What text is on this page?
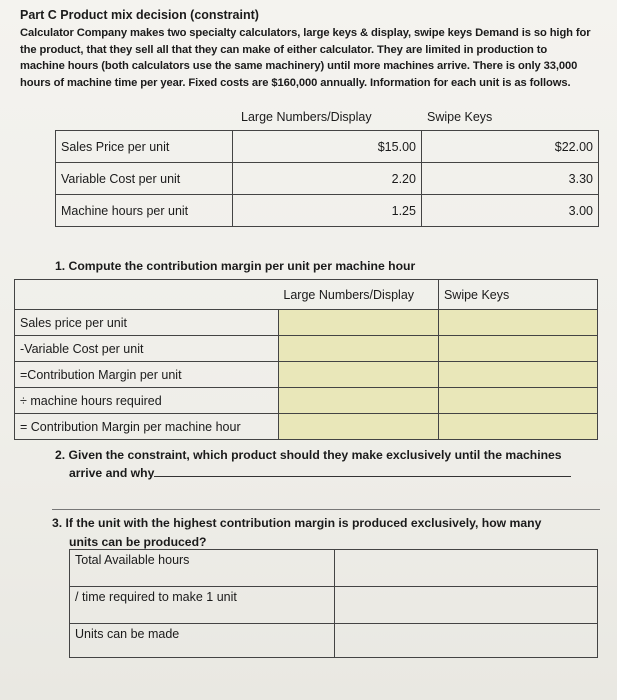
Part C Product mix decision (constraint)
Calculator Company makes two specialty calculators, large keys & display, swipe keys Demand is so high for
the product, that they sell all that they can make of either calculator. They are limited in production to
machine hours (both calculators use the same machinery) until more machines arrive. There is only 33,000
hours of machine time per year. Fixed costs are $160,000 annually. Information for each unit is as follows.
Large Numbers/Display	Swipe Keys
Sales Price per unit	$15.00	$22.00
Variable Cost per unit	2.20	3.30
Machine hours per unit	1.25	3.00
1. Compute the contribution margin per unit per machine hour
	Large Numbers/Display	Swipe Keys
Sales price per unit		
-Variable Cost per unit		
=Contribution Margin per unit		
÷ machine hours required		
= Contribution Margin per machine hour		
2. Given the constraint, which product should they make exclusively until the machines
arrive and why
3. If the unit with the highest contribution margin is produced exclusively, how many
units can be produced?
Total Available hours	
/ time required to make 1 unit	
Units can be made	
